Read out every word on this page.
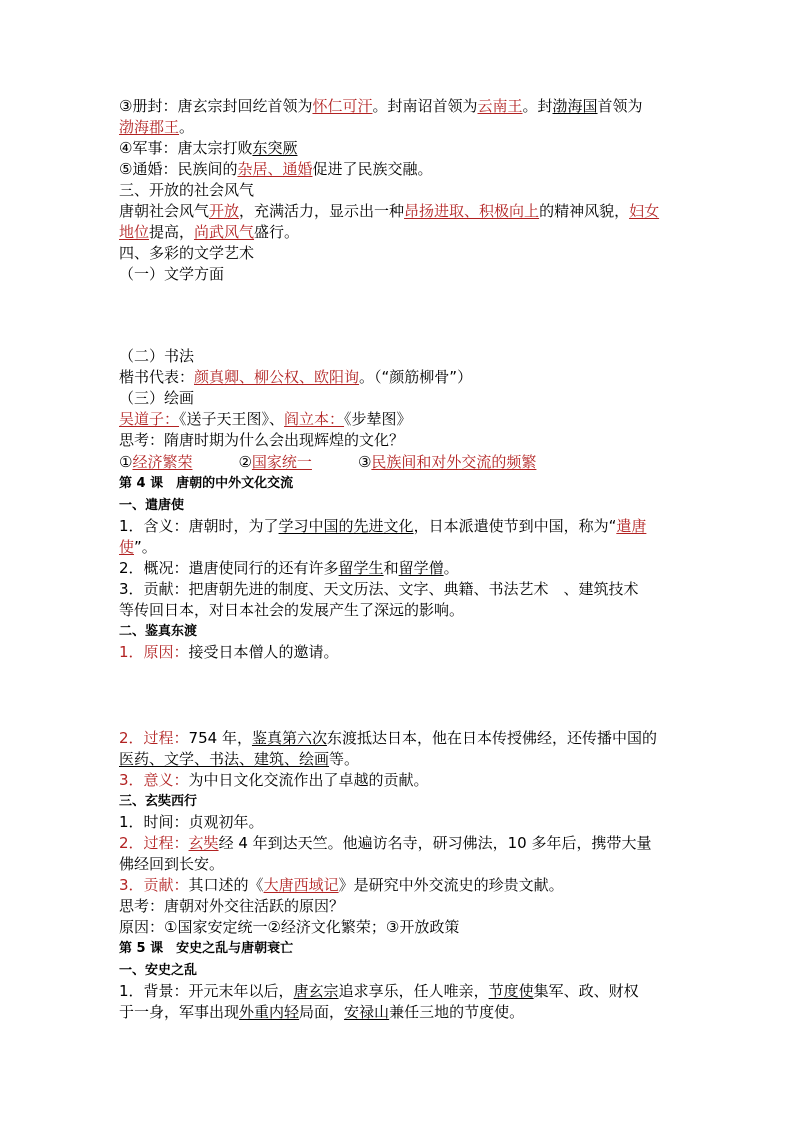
③册封：唐玄宗封回纥首领为怀仁可汗。封南诏首领为云南王。封渤海国首领为
渤海郡王。
④军事：唐太宗打败东突厥
⑤通婚：民族间的杂居、通婚促进了民族交融。
三、开放的社会风气
唐朝社会风气开放，充满活力，显示出一种昂扬进取、积极向上的精神风貌，妇女
地位提高，尚武风气盛行。
四、多彩的文学艺术
（一）文学方面
（二）书法
楷书代表：颜真卿、柳公权、欧阳询。（“颜筋柳骨”）
（三）绘画
吴道子：《送子天王图》、阎立本：《步辇图》
思考：隋唐时期为什么会出现辉煌的文化？
①经济繁荣	②国家统一	③民族间和对外交流的频繁
第 4 课　唐朝的中外文化交流
一、遣唐使
1．含义：唐朝时，为了学习中国的先进文化，日本派遣使节到中国，称为“遣唐
使”。
2．概况：遣唐使同行的还有许多留学生和留学僧。
3．贡献：把唐朝先进的制度、天文历法、文字、典籍、书法艺术　、建筑技术
等传回日本，对日本社会的发展产生了深远的影响。
二、鉴真东渡
1．原因：接受日本僧人的邀请。
2．过程：754 年，鉴真第六次东渡抵达日本，他在日本传授佛经，还传播中国的
医药、文学、书法、建筑、绘画等。
3．意义：为中日文化交流作出了卓越的贡献。
三、玄奘西行
1．时间：贞观初年。
2．过程：玄奘经 4 年到达天竺。他遍访名寺，研习佛法，10 多年后，携带大量
佛经回到长安。
3．贡献：其口述的《大唐西域记》是研究中外交流史的珍贵文献。
思考：唐朝对外交往活跃的原因？
原因：①国家安定统一②经济文化繁荣；③开放政策
第 5 课　安史之乱与唐朝衰亡
一、安史之乱
1．背景：开元末年以后，唐玄宗追求享乐，任人唯亲，节度使集军、政、财权
于一身，军事出现外重内轻局面，安禄山兼任三地的节度使。
